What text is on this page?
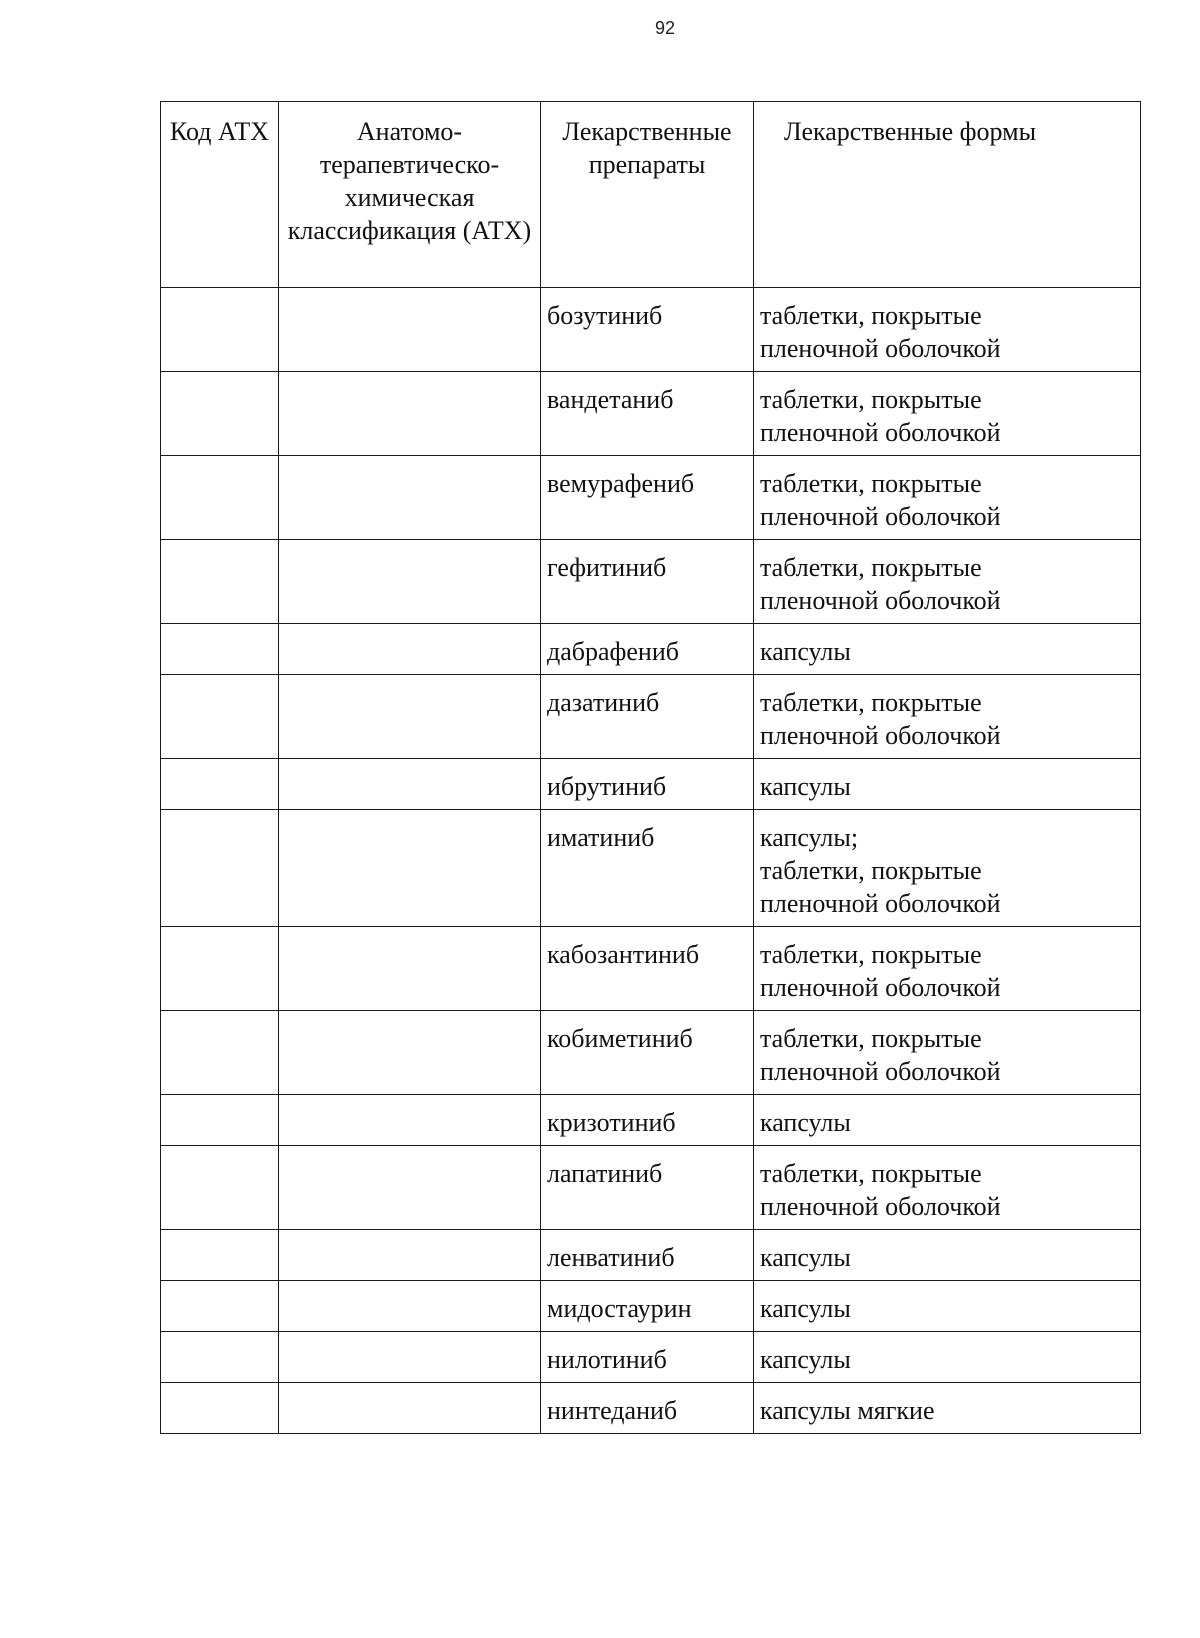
92
Код АТХ	Анатомо-терапевтическо-химическая классификация (АТХ)	Лекарственные препараты	Лекарственные формы
		бозутиниб	таблетки, покрытые
пленочной оболочкой

		вандетаниб	таблетки, покрытые
пленочной оболочкой

		вемурафениб	таблетки, покрытые
пленочной оболочкой

		гефитиниб	таблетки, покрытые
пленочной оболочкой

		дабрафениб	капсулы

		дазатиниб	таблетки, покрытые
пленочной оболочкой

		ибрутиниб	капсулы

		иматиниб	капсулы;
таблетки, покрытые
пленочной оболочкой

		кабозантиниб	таблетки, покрытые
пленочной оболочкой

		кобиметиниб	таблетки, покрытые
пленочной оболочкой

		кризотиниб	капсулы

		лапатиниб	таблетки, покрытые
пленочной оболочкой

		ленватиниб	капсулы

		мидостаурин	капсулы

		нилотиниб	капсулы

		нинтеданиб	капсулы мягкие
